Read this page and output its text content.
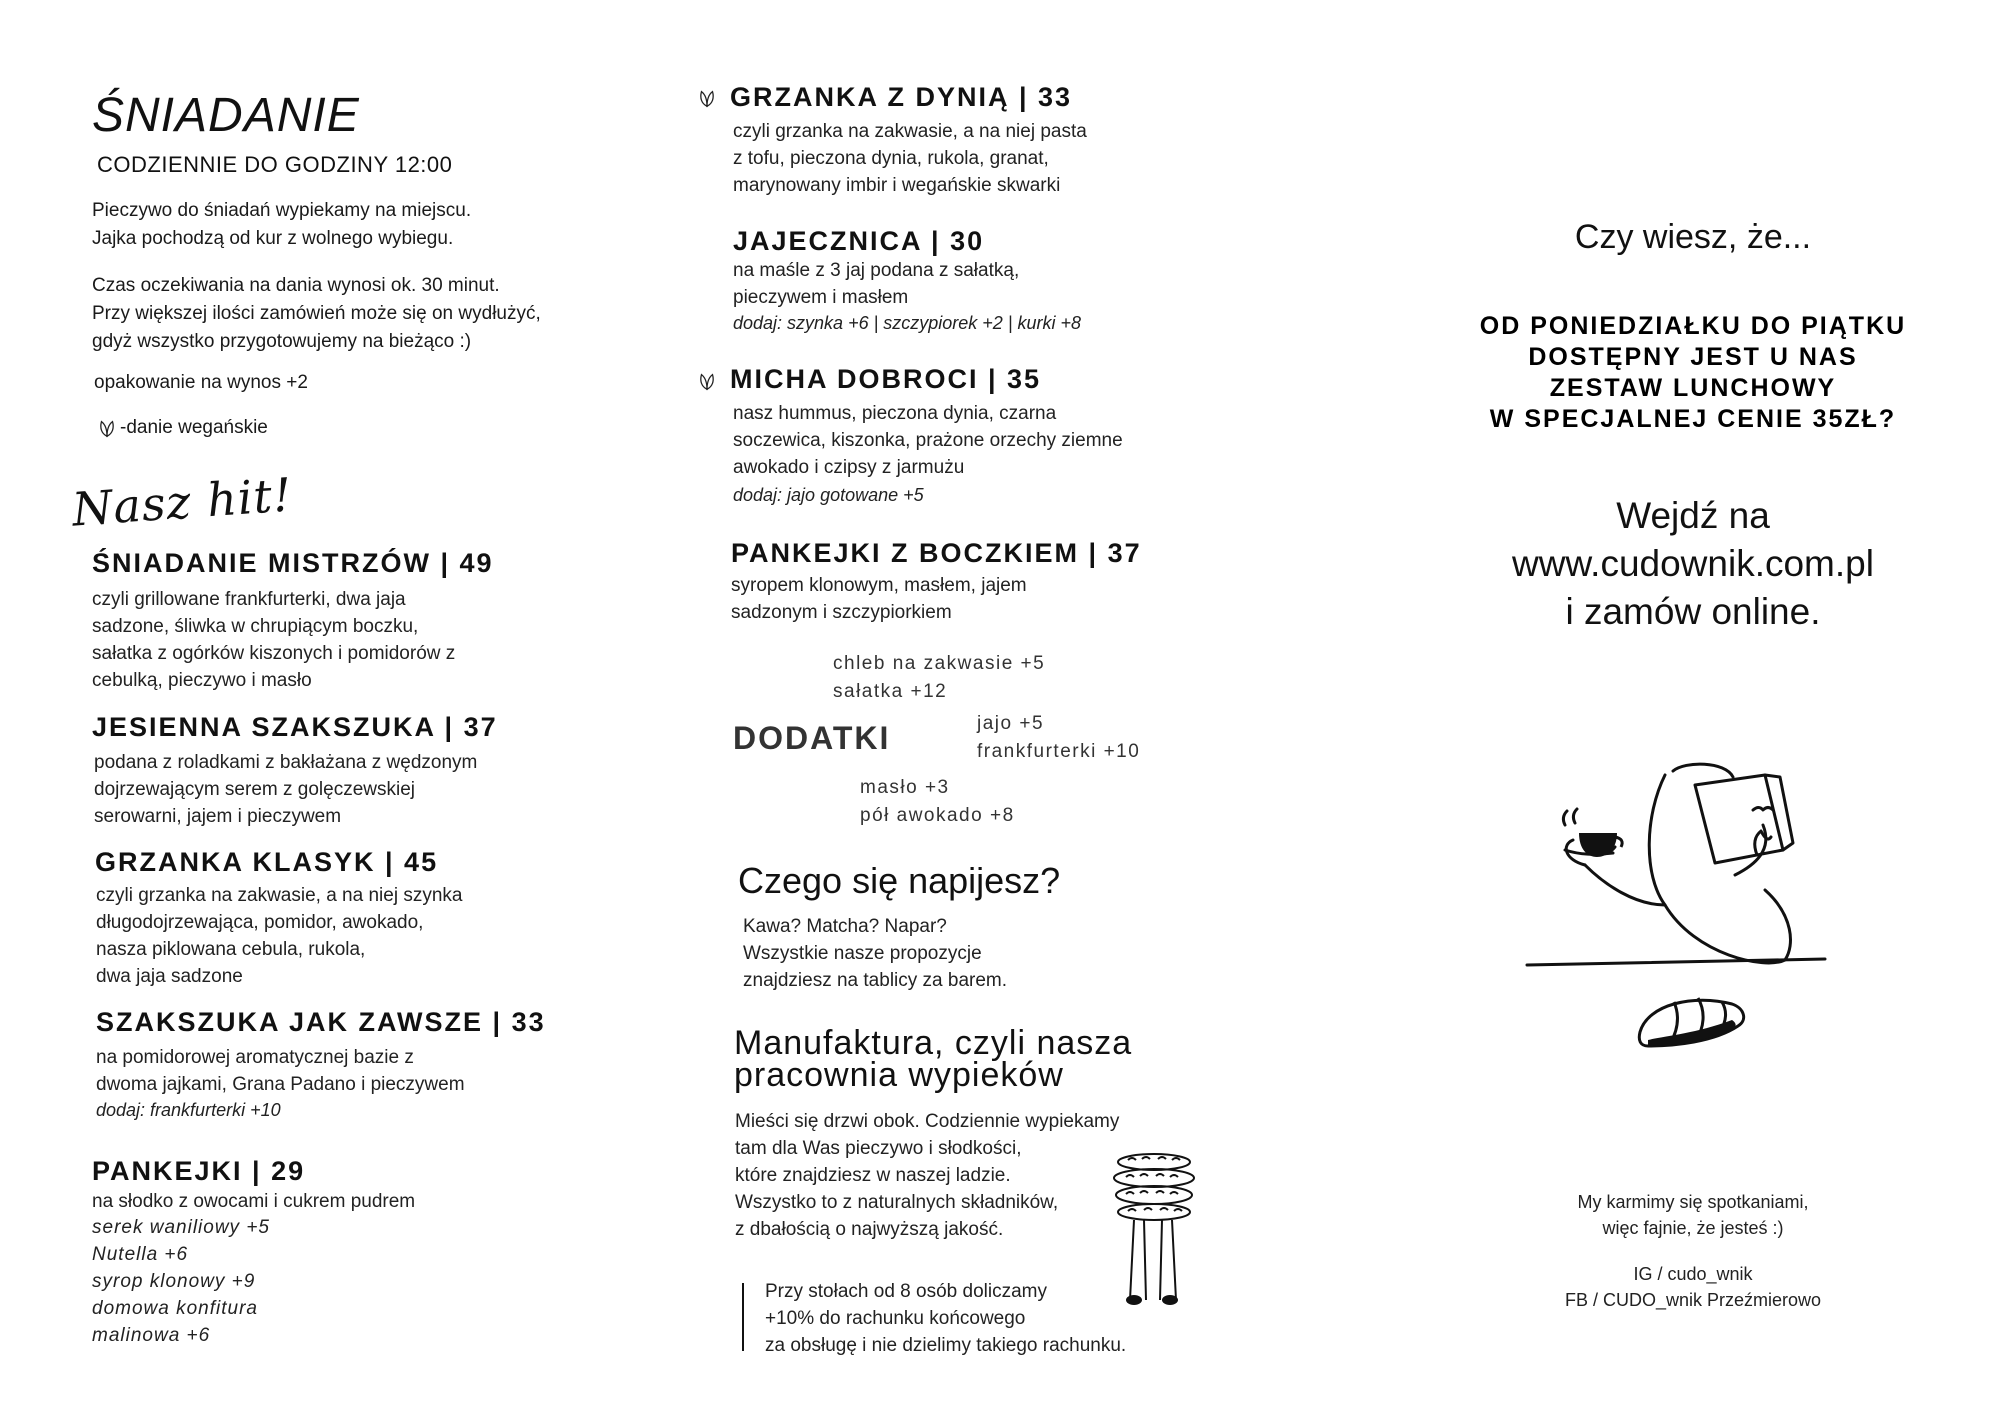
ŚNIADANIE
CODZIENNIE DO GODZINY 12:00
Pieczywo do śniadań wypiekamy na miejscu.
Jajka pochodzą od kur z wolnego wybiegu.
Czas oczekiwania na dania wynosi ok. 30 minut.
Przy większej ilości zamówień może się on wydłużyć,
gdyż wszystko przygotowujemy na bieżąco :)
opakowanie na wynos +2
-danie wegańskie
Nasz hit!
ŚNIADANIE MISTRZÓW | 49
czyli grillowane frankfurterki, dwa jaja
sadzone, śliwka w chrupiącym boczku,
sałatka z ogórków kiszonych i pomidorów z
cebulką, pieczywo i masło
JESIENNA SZAKSZUKA | 37
podana z roladkami z bakłażana z wędzonym
dojrzewającym serem z golęczewskiej
serowarni, jajem i pieczywem
GRZANKA KLASYK | 45
czyli grzanka na zakwasie, a na niej szynka
długodojrzewająca, pomidor, awokado,
nasza piklowana cebula, rukola,
dwa jaja sadzone
SZAKSZUKA JAK ZAWSZE | 33
na pomidorowej aromatycznej bazie z
dwoma jajkami, Grana Padano i pieczywem
dodaj: frankfurterki +10
PANKEJKI | 29
na słodko z owocami i cukrem pudrem
serek waniliowy +5
Nutella +6
syrop klonowy +9
domowa konfitura
malinowa +6
GRZANKA Z DYNIĄ | 33
czyli grzanka na zakwasie, a na niej pasta
z tofu, pieczona dynia, rukola, granat,
marynowany imbir i wegańskie skwarki
JAJECZNICA | 30
na maśle z 3 jaj podana z sałatką,
pieczywem i masłem
dodaj: szynka +6 | szczypiorek +2 | kurki +8
MICHA DOBROCI | 35
nasz hummus, pieczona dynia, czarna
soczewica, kiszonka, prażone orzechy ziemne
awokado i czipsy z jarmużu
dodaj: jajo gotowane +5
PANKEJKI Z BOCZKIEM | 37
syropem klonowym, masłem, jajem
sadzonym i szczypiorkiem
chleb na zakwasie +5
sałatka +12
DODATKI	jajo +5
frankfurterki +10
masło +3
pół awokado +8
Czego się napijesz?
Kawa? Matcha? Napar?
Wszystkie nasze propozycje
znajdziesz na tablicy za barem.
Manufaktura, czyli nasza
pracownia wypieków
Mieści się drzwi obok. Codziennie wypiekamy
tam dla Was pieczywo i słodkości,
które znajdziesz w naszej ladzie.
Wszystko to z naturalnych składników,
z dbałością o najwyższą jakość.
Przy stołach od 8 osób doliczamy
+10% do rachunku końcowego
za obsługę i nie dzielimy takiego rachunku.
Czy wiesz, że...
OD PONIEDZIAŁKU DO PIĄTKU
DOSTĘPNY JEST U NAS
ZESTAW LUNCHOWY
W SPECJALNEJ CENIE 35ZŁ?
Wejdź na
www.cudownik.com.pl
i zamów online.
My karmimy się spotkaniami,
więc fajnie, że jesteś :)
IG / cudo_wnik
FB / CUDO_wnik Przeźmierowo
